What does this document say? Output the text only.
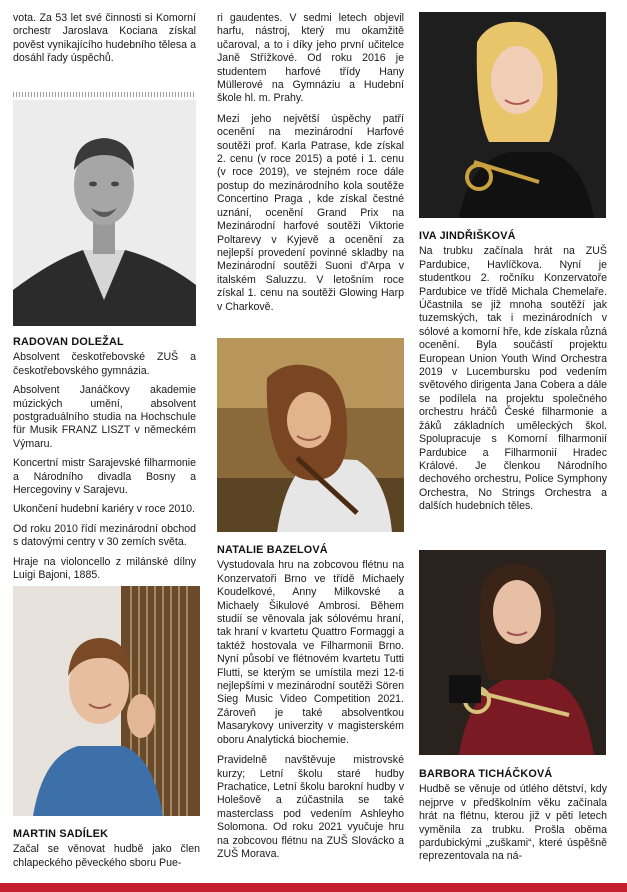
vota. Za 53 let své činnosti si Komorní orchestr Jaroslava Kociana získal pověst vynikajícího hudebního tělesa a dosáhl řady úspěchů.

RADOVAN DOLEŽAL

Absolvent českotřebovské ZUŠ a českotřebovského gymnázia.

Absolvent Janáčkovy akademie múzických umění, absolvent postgraduálního studia na Hochschule für Musik FRANZ LISZT v německém Výmaru.

Koncertní mistr Sarajevské filharmonie a Národního divadla Bosny a Hercegoviny v Sarajevu.

Ukončení hudební kariéry v roce 2010.

Od roku 2010 řídí mezinárodní obchod s datovými centry v 30 zemích světa.

Hraje na violoncello z milánské dílny Luigi Bajoni, 1885.

MARTIN SADÍLEK

Začal se věnovat hudbě jako člen chlapeckého pěveckého sboru Pue-

ri gaudentes. V sedmi letech objevil harfu, nástroj, který mu okamžitě učaroval, a to i díky jeho první učitelce Janě Střížkové. Od roku 2016 je studentem harfové třídy Hany Müllerové na Gymnáziu a Hudební škole hl. m. Prahy.

Mezi jeho největší úspěchy patří ocenění na mezinárodní Harfové soutěži prof. Karla Patrase, kde získal 2. cenu (v roce 2015) a poté i 1. cenu (v roce 2019), ve stejném roce dále postup do mezinárodního kola soutěže Concertino Praga , kde získal čestné uznání, ocenění Grand Prix na Mezinárodní harfové soutěži Viktorie Poltarevy v Kyjevě a ocenění za nejlepší provedení povinné skladby na Mezinárodní soutěži Suoni d'Arpa v italském Saluzzu. V letošním roce získal 1. cenu na soutěži Glowing Harp v Charkově.

NATALIE BAZELOVÁ

Vystudovala hru na zobcovou flétnu na Konzervatoři Brno ve třídě Michaely Koudelkové, Anny Milkovské a Michaely Šikulové Ambrosi. Během studií se věnovala jak sólovému hraní, tak hraní v kvartetu Quattro Formaggi a taktéž hostovala ve Filharmonii Brno. Nyní působí ve flétnovém kvartetu Tutti Flutti, se kterým se umístila mezi 12-ti nejlepšími v mezinárodní soutěži Sören Sieg Music Video Competition 2021. Zároveň je také absolventkou Masarykovy univerzity v magisterském oboru Analytická biochemie.

Pravidelně navštěvuje mistrovské kurzy; Letní školu staré hudby Prachatice, Letní školu barokní hudby v Holešově a zúčastnila se také masterclass pod vedením Ashleyho Solomona. Od roku 2021 vyučuje hru na zobcovou flétnu na ZUŠ Slovácko a ZUŠ Morava.

IVA JINDŘIŠKOVÁ

Na trubku začínala hrát na ZUŠ Pardubice, Havlíčkova. Nyní je studentkou 2. ročníku Konzervatoře Pardubice ve třídě Michala Chemelaře. Účastnila se již mnoha soutěží jak tuzemských, tak i mezinárodních v sólové a komorní hře, kde získala různá ocenění. Byla součástí projektu European Union Youth Wind Orchestra 2019 v Lucembursku pod vedením světového dirigenta Jana Cobera a dále se podílela na projektu společného orchestru hráčů České filharmonie a žáků základních uměleckých škol. Spolupracuje s Komorní filharmonií Pardubice a Filharmonií Hradec Králové. Je členkou Národního dechového orchestru, Police Symphony Orchestra, No Strings Orchestra a dalších hudebních těles.

BARBORA TICHÁČKOVÁ

Hudbě se věnuje od útlého dětství, kdy nejprve v předškolním věku začínala hrát na flétnu, kterou již v pěti letech vyměnila za trubku. Prošla oběma pardubickými „zuškami“, které úspěšně reprezentovala na ná-
